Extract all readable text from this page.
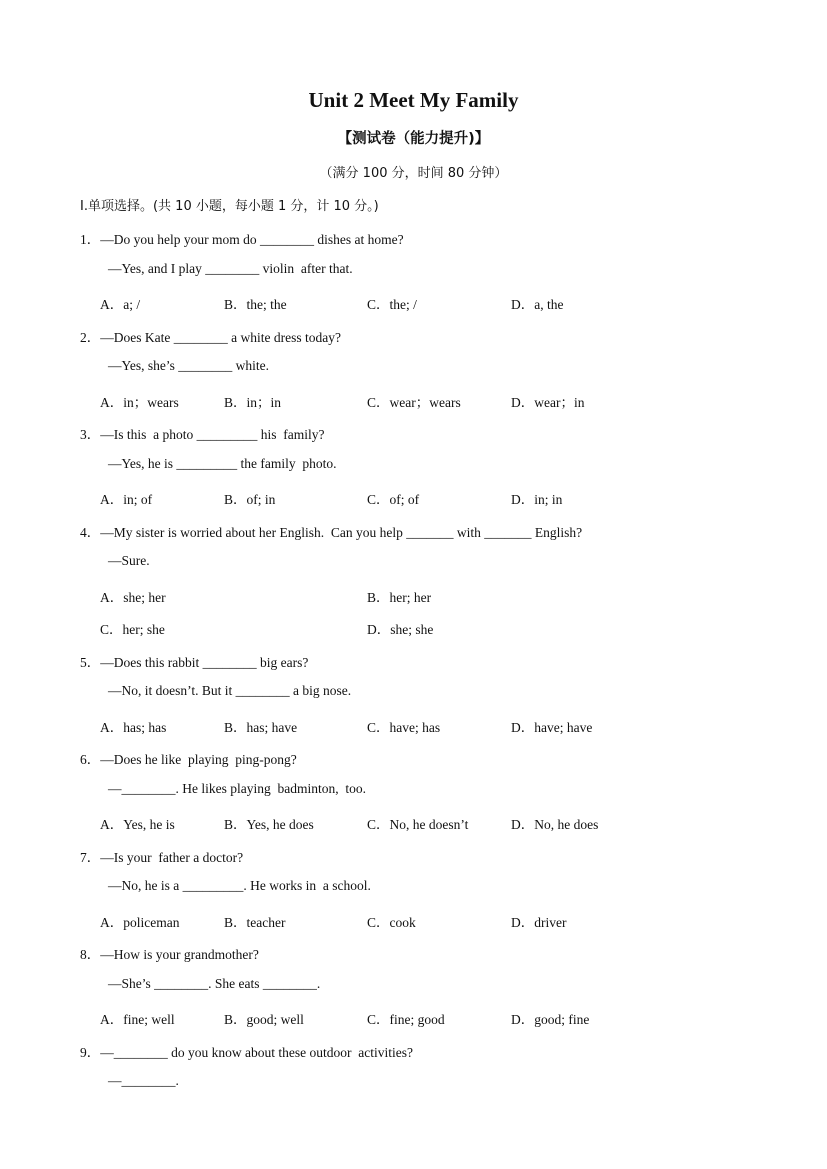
Unit 2 Meet My Family
【测试卷（能力提升)】
（满分 100 分，时间 80 分钟）
I.单项选择。(共 10 小题，每小题 1 分，计 10 分。)
1．—Do you help your mom do ________ dishes at home?
—Yes, and I play ________ violin  after that.
A．a; /	B．the; the	C．the; /	D．a, the
2．—Does Kate ________ a white dress today?
—Yes, she’s ________ white.
A．in；wears	B．in；in	C．wear；wears	D．wear；in
3．—Is this  a photo _________ his  family?
—Yes, he is _________ the family  photo.
A．in; of	B．of; in	C．of; of	D．in; in
4．—My sister is worried about her English.  Can you help _______ with _______ English?
—Sure.
A．she; her	B．her; her
C．her; she	D．she; she
5．—Does this rabbit ________ big ears?
—No, it doesn’t. But it ________ a big nose.
A．has; has	B．has; have	C．have; has	D．have; have
6．—Does he like  playing  ping-pong?
—________. He likes playing  badminton,  too.
A．Yes, he is	B．Yes, he does	C．No, he doesn’t	D．No, he does
7．—Is your  father a doctor?
—No, he is a _________. He works in  a school.
A．policeman	B．teacher	C．cook	D．driver
8．—How is your grandmother?
—She’s ________. She eats ________.
A．fine; well	B．good; well	C．fine; good	D．good; fine
9．—________ do you know about these outdoor  activities?
—________.
